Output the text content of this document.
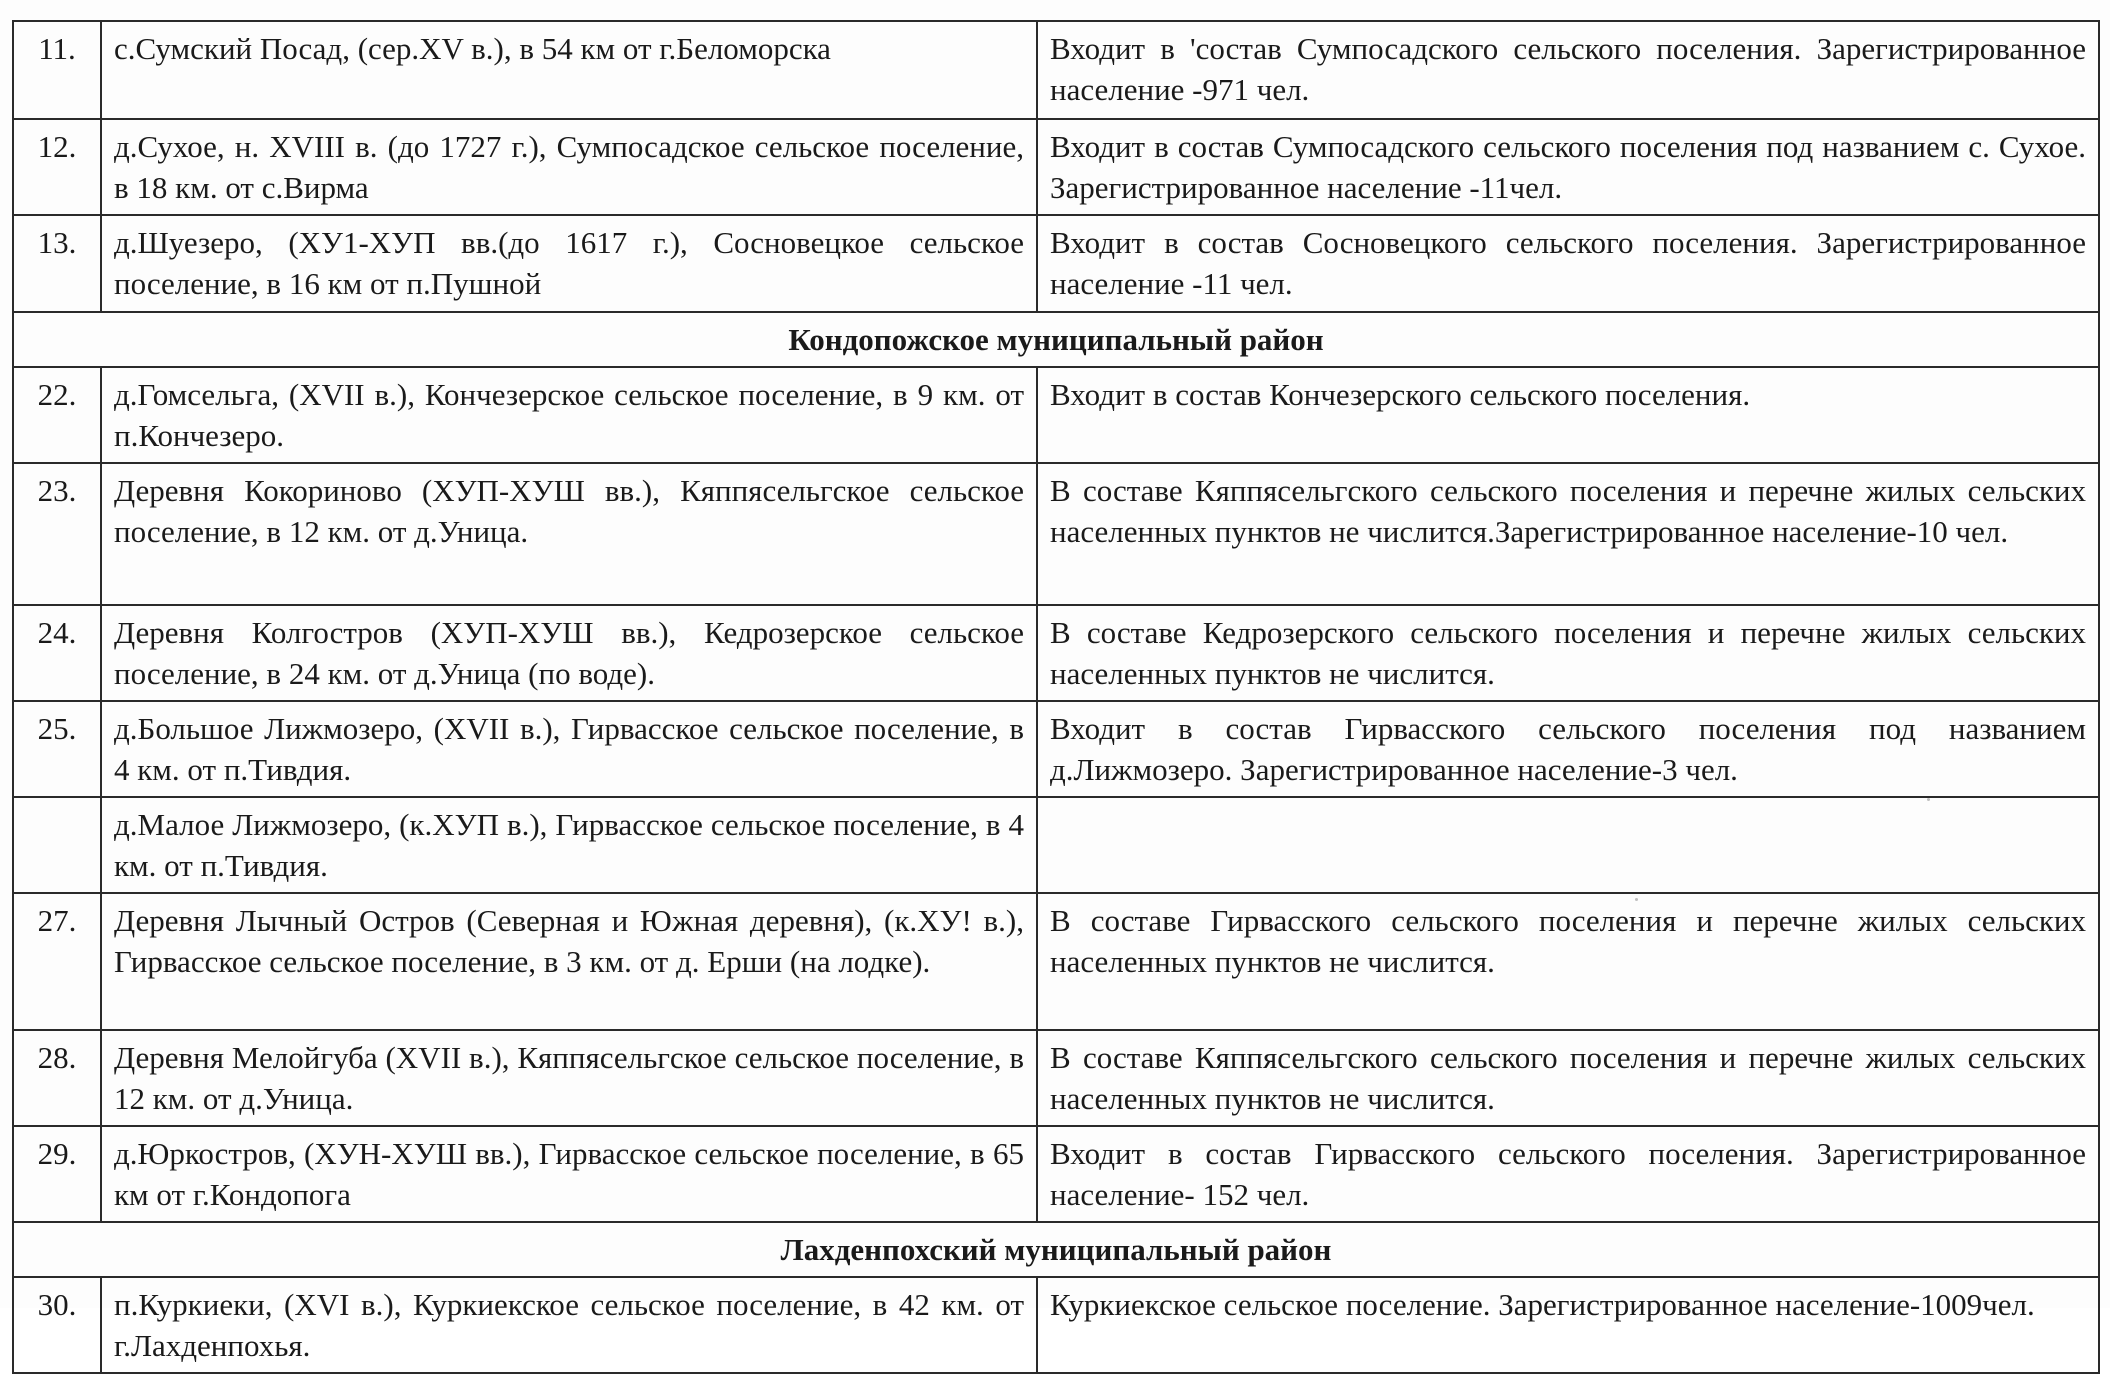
11.	с.Сумский Посад, (сер.XV в.), в 54 км от г.Беломорска	Входит в 'состав Сумпосадского сельского поселения. Зарегистрированное население -971 чел.
12.	д.Сухое, н. XVIII в. (до 1727 г.), Сумпосадское сельское поселение, в 18 км. от с.Вирма	Входит в состав Сумпосадского сельского поселения под названием с. Сухое. Зарегистрированное население -11чел.
13.	д.Шуезеро, (ХУ1-ХУП вв.(до 1617 г.), Сосновецкое сельское поселение, в 16 км от п.Пушной	Входит в состав Сосновецкого сельского поселения. Зарегистрированное население -11 чел.
Кондопожское муниципальный район		
22.	д.Гомсельга, (XVII в.), Кончезерское сельское поселение, в 9 км. от п.Кончезеро.	Входит в состав Кончезерского сельского поселения.
23.	Деревня Кокориново (ХУП-ХУШ вв.), Кяппясельгское сельское поселение, в 12 км. от д.Уница.	В составе Кяппясельгского сельского поселения и перечне жилых сельских населенных пунктов не числится.Зарегистрированное население-10 чел.
24.	Деревня Колгостров (ХУП-ХУШ вв.), Кедрозерское сельское поселение, в 24 км. от д.Уница (по воде).	В составе Кедрозерского сельского поселения и перечне жилых сельских населенных пунктов не числится.
25.	д.Большое Лижмозеро, (XVII в.), Гирвасское сельское поселение, в 4 км. от п.Тивдия.	Входит в состав Гирвасского сельского поселения под названием д.Лижмозеро. Зарегистрированное население-3 чел.
	д.Малое Лижмозеро, (к.ХУП в.), Гирвасское сельское поселение, в 4 км. от п.Тивдия.	
27.	Деревня Лычный Остров (Северная и Южная деревня), (к.ХУ! в.), Гирвасское сельское поселение, в 3 км. от д. Ерши (на лодке).	В составе Гирвасского сельского поселения и перечне жилых сельских населенных пунктов не числится.
28.	Деревня Мелойгуба (XVII в.), Кяппясельгское сельское поселение, в 12 км. от д.Уница.	В составе Кяппясельгского сельского поселения и перечне жилых сельских населенных пунктов не числится.
29.	д.Юркостров, (ХУН-ХУШ вв.), Гирвасское сельское поселение, в 65 км от г.Кондопога	Входит в состав Гирвасского сельского поселения. Зарегистрированное население- 152 чел.
Лахденпохский муниципальный район		
30.	п.Куркиеки, (XVI в.), Куркиекское сельское поселение, в 42 км. от г.Лахденпохья.	Куркиекское сельское поселение. Зарегистрированное население-1009чел.
